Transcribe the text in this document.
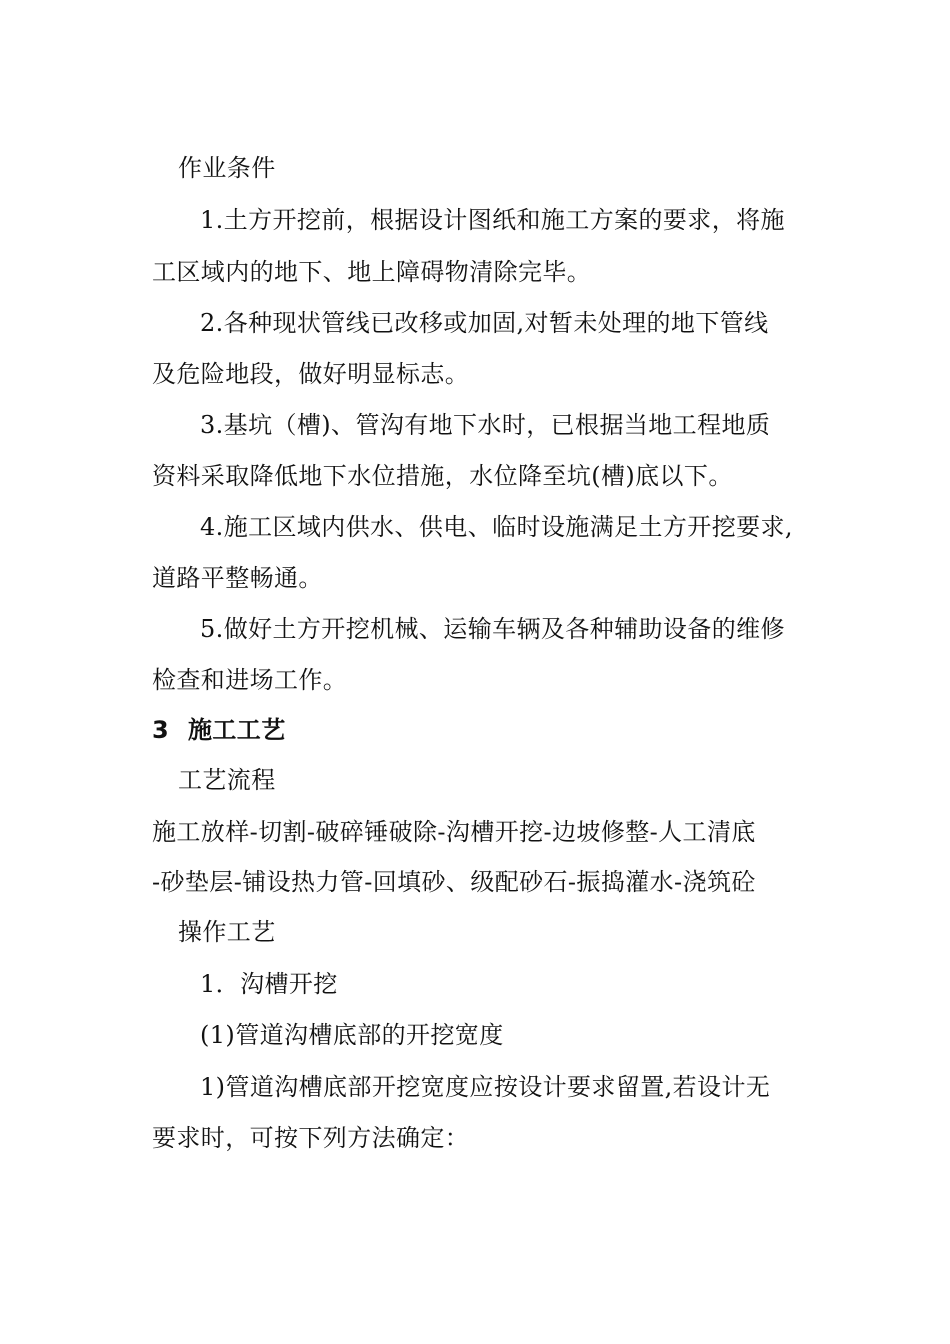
作业条件
1.土方开挖前，根据设计图纸和施工方案的要求，将施
工区域内的地下、地上障碍物清除完毕。
2.各种现状管线已改移或加固,对暂未处理的地下管线
及危险地段，做好明显标志。
3.基坑（槽)、管沟有地下水时，已根据当地工程地质
资料采取降低地下水位措施，水位降至坑(槽)底以下。
4.施工区域内供水、供电、临时设施满足土方开挖要求,
道路平整畅通。
5.做好土方开挖机械、运输车辆及各种辅助设备的维修
检查和进场工作。
3 施工工艺
工艺流程
施工放样-切割-破碎锤破除-沟槽开挖-边坡修整-人工清底
-砂垫层-铺设热力管-回填砂、级配砂石-振捣灌水-浇筑砼
操作工艺
1．沟槽开挖
(1)管道沟槽底部的开挖宽度
1)管道沟槽底部开挖宽度应按设计要求留置,若设计无
要求时，可按下列方法确定：
